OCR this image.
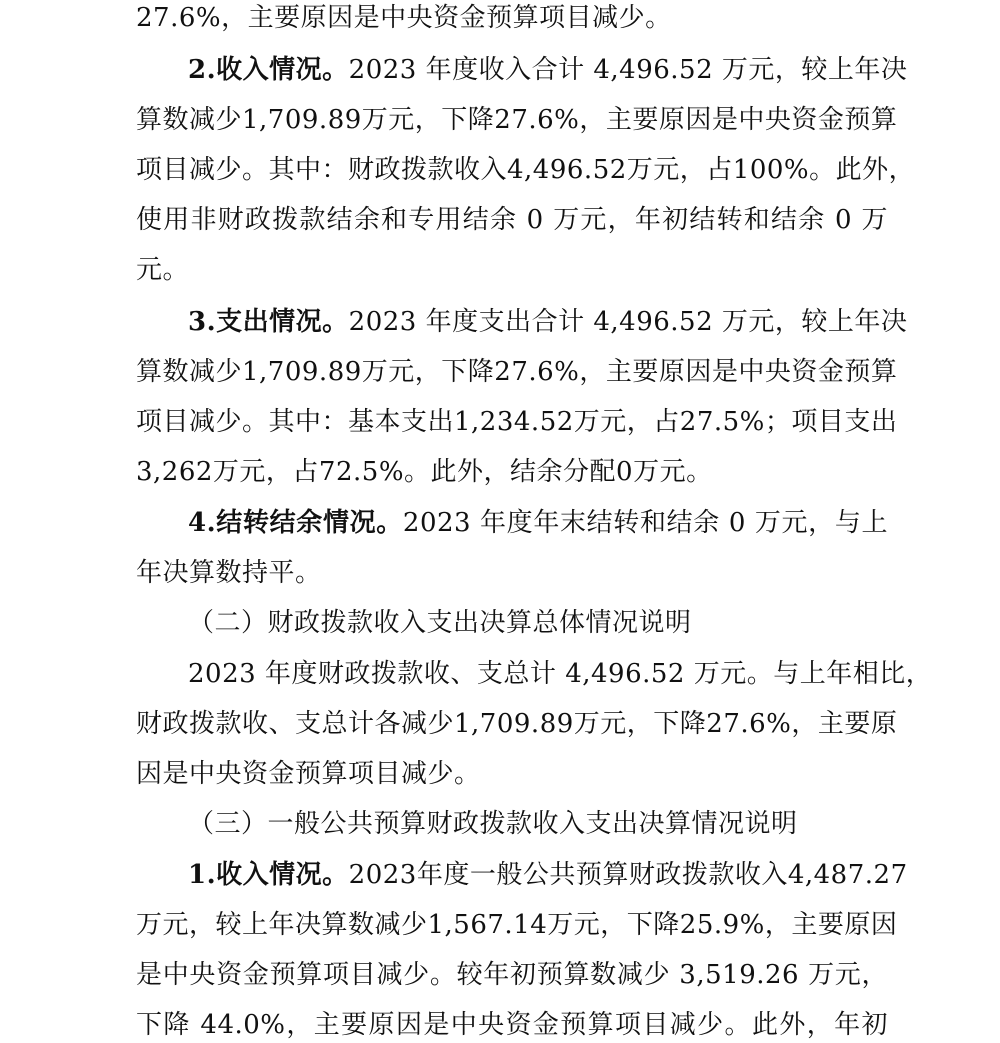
27.6%，主要原因是中央资金预算项目减少。
2.收入情况。2023 年度收入合计 4,496.52 万元，较上年决
算数减少1,709.89万元，下降27.6%，主要原因是中央资金预算
项目减少。其中：财政拨款收入4,496.52万元，占100%。此外，
使用非财政拨款结余和专用结余 0 万元，年初结转和结余 0 万
元。
3.支出情况。2023 年度支出合计 4,496.52 万元，较上年决
算数减少1,709.89万元，下降27.6%，主要原因是中央资金预算
项目减少。其中：基本支出1,234.52万元，占27.5%；项目支出
3,262万元，占72.5%。此外，结余分配0万元。
4.结转结余情况。2023 年度年末结转和结余 0 万元，与上
年决算数持平。
（二）财政拨款收入支出决算总体情况说明
2023 年度财政拨款收、支总计 4,496.52 万元。与上年相比，
财政拨款收、支总计各减少1,709.89万元，下降27.6%，主要原
因是中央资金预算项目减少。
（三）一般公共预算财政拨款收入支出决算情况说明
1.收入情况。2023年度一般公共预算财政拨款收入4,487.27
万元，较上年决算数减少1,567.14万元，下降25.9%，主要原因
是中央资金预算项目减少。较年初预算数减少 3,519.26 万元，
下降 44.0%，主要原因是中央资金预算项目减少。此外，年初
